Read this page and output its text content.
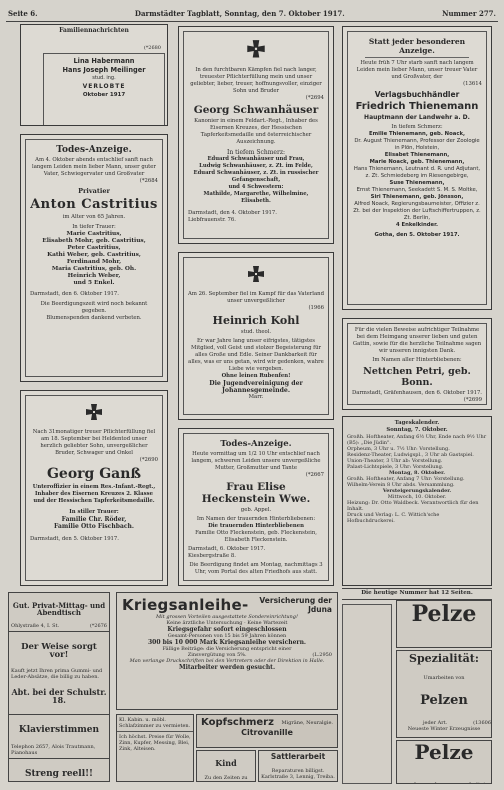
Seite 6.	Darmstädter Tagblatt, Sonntag, den 7. Oktober 1917.	Nummer 277.

Familiennachrichten

(*2680

Lina Habermann

Hans Joseph Meilinger

stud. ing.

VERLOBTE

Oktober 1917

Todes-Anzeige.

Am 4. Oktober abends entschlief sanft nach langem Leiden mein lieber Mann, unser guter Vater, Schwiegervater und Großvater

(*2684

Privatier

Anton Castritius

im Alter von 65 Jahren.

In tiefer Trauer:

Marie Castritius,

Elisabeth Mohr, geb. Castritius,

Peter Castritius,

Kathi Weber, geb. Castritius,

Ferdinand Mohr,

Maria Castritius, geb. Oh.

Heinrich Weber,

und 5 Enkel.

Darmstadt, den 6. Oktober 1917.

Die Beerdigungszeit wird noch bekannt gegeben.

Blumenspenden dankend verbeten.

Nach 31monatiger treuer Pflichterfüllung fiel am 18. September bei Heldentod unser herzlich geliebter Sohn, unvergeßlicher Bruder, Schwager und Onkel

(*2690

Georg Ganß

Unteroffizier in einem Res.-Infant.-Regt., Inhaber des Eisernen Kreuzes 2. Klasse und der Hessischen Tapferkeitsmedaille.

In stiller Trauer:

Familie Chr. Röder,

Familie Otto Fischbach.

Darmstadt, den 5. Oktober 1917.

In den furchtbaren Kämpfen fiel nach langer, treuester Pflichterfüllung mein und unser geliebter, lieber, treuer, hoffnungsvoller, einziger Sohn und Bruder

(*2694

Georg Schwanhäuser

Kanonier in einem Feldart.-Regt., Inhaber des Eisernen Kreuzes, der Hessischen Tapferkeitsmedaille und österreichischer Auszeichnung.

In tiefem Schmerz:

Eduard Schwanhäuser und Frau,

Ludwig Schwanhäuser, z. Zt. im Felde,

Eduard Schwanhäuser, z. Zt. in russischer Gefangenschaft,

und 4 Schwestern:

Mathilde, Margarethe, Wilhelmine, Elisabeth.

Darmstadt, den 4. Oktober 1917.

Liebfrauenstr. 76.

Am 26. September fiel im Kampf für das Vaterland unser unvergeßlicher

(1966

Heinrich Kohl

stud. theol.

Er war Jahre lang unser eifrigstes, tätigstes Mitglied, voll Geist und stolzer Begeisterung für alles Große und Edle. Seiner Dankbarkeit für alles, was er uns getan, wird wir gedenken, wahre Liebe wie vergeben.

Ohne leinen Rubenfen!

Die Jugendvereinigung der Johannesgemeinde.

Marr.

Todes-Anzeige.

Heute vormittag um 1/2 10 Uhr entschlief nach langem, schweren Leiden unsere unvergeßliche Mutter, Großmutter und Tante

(*2667

Frau Elise Heckenstein Wwe.

geb. Appel.

Im Namen der trauernden Hinterbliebenen:

Die trauernden Hinterbliebenen

Familie Otto Fleckenstein, geb. Fleckenstein,

Elisabeth Fleckenstein.

Darmstadt, 6. Oktober 1917.

Kiesbergstraße 8.

Die Beerdigung findet am Montag, nachmittags 3 Uhr, vom Portal des alten Friedhofs aus statt.

Statt jeder besonderen Anzeige.

Heute früh 7 Uhr starb sanft nach langem Leiden mein lieber Mann, unser treuer Vater und Großvater, der

(13614

Verlagsbuchhändler

Friedrich Thienemann

Hauptmann der Landwehr a. D.

In tiefem Schmerz:

Emilie Thienemann, geb. Noack,

Dr. August Thienemann, Professor der Zoologie in Plön, Holstein,

Elisabet Thienemann,

Marie Noack, geb. Thienemann,

Hans Thienemann, Leutnant d. R. und Adjutant, z. Zt. Schmiedeberg im Riesengebirge,

Suse Thienemann,

Ernst Thienemann, Seekadett S. M. S. Moltke,

Siri Thienemann, geb. Jönsson,

Alfred Noack, Regierungsbaumeister, Offizier z. Zt. bei der Inspektion der Luftschiffertruppen, z. Zt. Berlin,

4 Enkelkinder.

Gotha, den 5. Oktober 1917.

Für die vielen Beweise aufrichtiger Teilnahme bei dem Heimgang unserer lieben und guten Gattin, sowie für die herzliche Teilnahme sagen wir unseren innigsten Dank.

Im Namen aller Hinterbliebenen:

Nettchen Petri, geb. Bonn.

Darmstadt, Gräfenhausen, den 6. Oktober 1917.

(*2699

Tageskalender.

Sonntag, 7. Oktober.

Großh. Hoftheater, Anfang 6½ Uhr, Ende nach 9½ Uhr (B5): „Die Jüdin".

Orpheum, 3 Uhr u. 7½ Uhr: Vorstellung.

Residenz-Theater, Ludwigspl., 3 Uhr ab Gastspiel.

Union-Theater, 3 Uhr ab: Vorstellung.

Palast-Lichtspiele, 3 Uhr: Vorstellung.

Montag, 8. Oktober.

Großh. Hoftheater, Anfang 7 Uhr: Vorstellung.

Wilhelm-Verein 8 Uhr abds. Versammlung.

Versteigerungskalender.

Mittwoch, 10. Oktober.

Heizung: Dr. Otto Waldbeck. Verantwortlich für den Inhalt.

Druck und Verlag: L. C. Wittich'sche Hofbuchdruckerei.

Die heutige Nummer hat 12 Seiten.

Gut. Privat-Mittag- und Abendtisch

Ohlystraße 4, I. St.	(*2676

Der Weise sorgt vor!

Kauft jetzt Ihren prima Gummi- und Leder-Absätze, die billig zu haben.

Abt. bei der Schulstr. 18.

Klavierstimmen

Telephon 2657, Alois Trautmann, Pianohaus

Streng reell!!

Kriegsanleihe-	Versicherung der Jduna

Mit grossen Vorteilen ausgestattete Sondereinrichtung!

Keine ärztliche Untersuchung · Keine Wartezeit

Kriegsgefahr sofort eingeschlossen

Gesamt-Personen von 15 bis 59 Jahren können

300 bis 10 000 Mark Kriegsanleihe versichern.

Fällige Beiträge: die Versicherung entspricht einer

Zinsvergütung von 5%.	(L.2950

Man verlange Druckschriften bei den Vertretern oder der Direktion in Halle.

Mitarbeiter werden gesucht.

Kl. Kabin. u. möbl. Schlafzimmer zu vermieten.

Ich höchst. Preise für Wolle, Zinn, Kupfer, Messing, Blei, Zink, Alteisen.

Kopfschmerz Migräne, Neuralgie.

Citrovanille

Kind

Zu den Zeiten zu

Sattlerarbeit

Reparaturen billigst. Karlstraße 3, Lennig, Treiba.

Pelze

Spezialität:

Umarbeiten von

Pelzen

jeder Art.	(13606

Neueste Winter Erzeugnisse

Pelze
